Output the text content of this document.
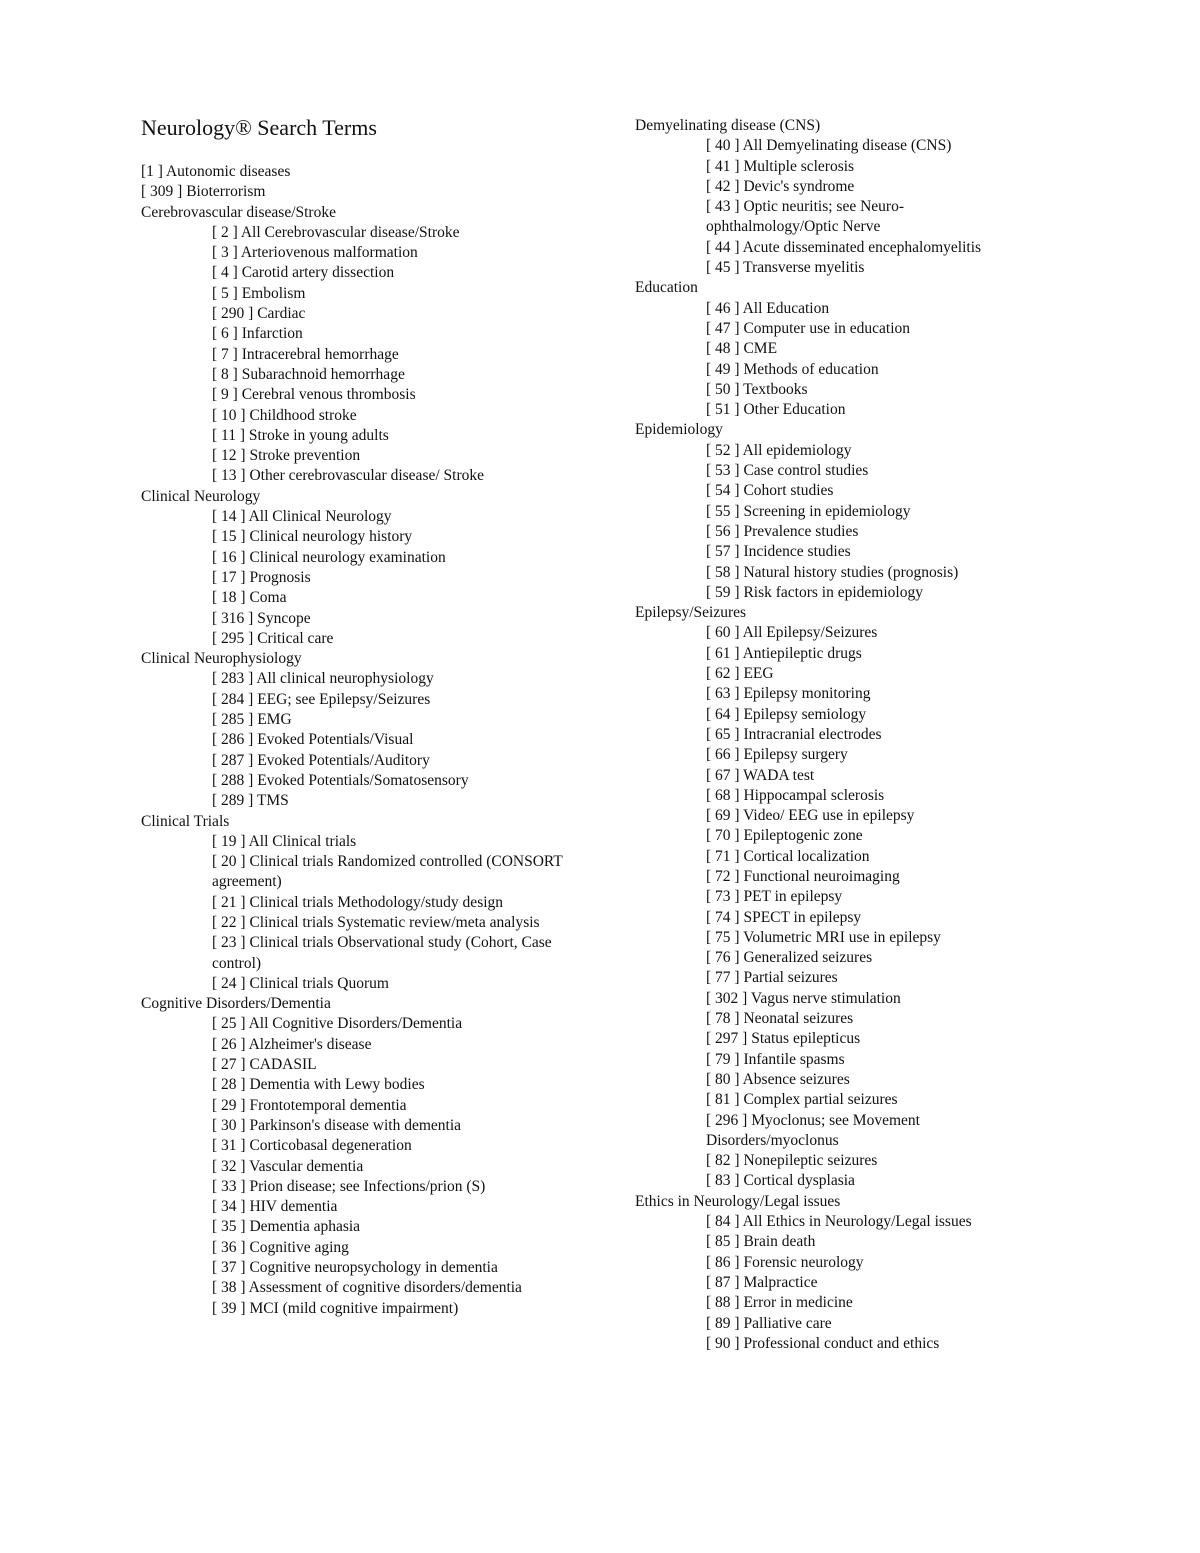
Neurology® Search Terms
[1 ] Autonomic diseases
[ 309 ] Bioterrorism
Cerebrovascular disease/Stroke
[ 2 ] All Cerebrovascular disease/Stroke
[ 3 ] Arteriovenous malformation
[ 4 ] Carotid artery dissection
[ 5 ] Embolism
[ 290 ] Cardiac
[ 6 ] Infarction
[ 7 ] Intracerebral hemorrhage
[ 8 ] Subarachnoid hemorrhage
[ 9 ] Cerebral venous thrombosis
[ 10 ] Childhood stroke
[ 11 ] Stroke in young adults
[ 12 ] Stroke prevention
[ 13 ] Other cerebrovascular disease/ Stroke
Clinical Neurology
[ 14 ] All Clinical Neurology
[ 15 ] Clinical neurology history
[ 16 ] Clinical neurology examination
[ 17 ] Prognosis
[ 18 ] Coma
[ 316 ] Syncope
[ 295 ] Critical care
Clinical Neurophysiology
[ 283 ] All clinical neurophysiology
[ 284 ] EEG; see Epilepsy/Seizures
[ 285 ] EMG
[ 286 ] Evoked Potentials/Visual
[ 287 ] Evoked Potentials/Auditory
[ 288 ] Evoked Potentials/Somatosensory
[ 289 ] TMS
Clinical Trials
[ 19 ] All Clinical trials
[ 20 ] Clinical trials Randomized controlled (CONSORT agreement)
[ 21 ] Clinical trials Methodology/study design
[ 22 ] Clinical trials Systematic review/meta analysis
[ 23 ] Clinical trials Observational study (Cohort, Case control)
[ 24 ] Clinical trials Quorum
Cognitive Disorders/Dementia
[ 25 ] All Cognitive Disorders/Dementia
[ 26 ] Alzheimer's disease
[ 27 ] CADASIL
[ 28 ] Dementia with Lewy bodies
[ 29 ] Frontotemporal dementia
[ 30 ] Parkinson's disease with dementia
[ 31 ] Corticobasal degeneration
[ 32 ] Vascular dementia
[ 33 ] Prion disease; see Infections/prion (S)
[ 34 ] HIV dementia
[ 35 ] Dementia aphasia
[ 36 ] Cognitive aging
[ 37 ] Cognitive neuropsychology in dementia
[ 38 ] Assessment of cognitive disorders/dementia
[ 39 ] MCI (mild cognitive impairment)
Demyelinating disease (CNS)
[ 40 ] All Demyelinating disease (CNS)
[ 41 ] Multiple sclerosis
[ 42 ] Devic's syndrome
[ 43 ] Optic neuritis; see Neuro-ophthalmology/Optic Nerve
[ 44 ] Acute disseminated encephalomyelitis
[ 45 ] Transverse myelitis
Education
[ 46 ] All Education
[ 47 ] Computer use in education
[ 48 ] CME
[ 49 ] Methods of education
[ 50 ] Textbooks
[ 51 ] Other Education
Epidemiology
[ 52 ] All epidemiology
[ 53 ] Case control studies
[ 54 ] Cohort studies
[ 55 ] Screening in epidemiology
[ 56 ] Prevalence studies
[ 57 ] Incidence studies
[ 58 ] Natural history studies (prognosis)
[ 59 ] Risk factors in epidemiology
Epilepsy/Seizures
[ 60 ] All Epilepsy/Seizures
[ 61 ] Antiepileptic drugs
[ 62 ] EEG
[ 63 ] Epilepsy monitoring
[ 64 ] Epilepsy semiology
[ 65 ] Intracranial electrodes
[ 66 ] Epilepsy surgery
[ 67 ] WADA test
[ 68 ] Hippocampal sclerosis
[ 69 ] Video/ EEG use in epilepsy
[ 70 ] Epileptogenic zone
[ 71 ] Cortical localization
[ 72 ] Functional neuroimaging
[ 73 ] PET in epilepsy
[ 74 ] SPECT in epilepsy
[ 75 ] Volumetric MRI use in epilepsy
[ 76 ] Generalized seizures
[ 77 ] Partial seizures
[ 302 ] Vagus nerve stimulation
[ 78 ] Neonatal seizures
[ 297 ] Status epilepticus
[ 79 ] Infantile spasms
[ 80 ] Absence seizures
[ 81 ] Complex partial seizures
[ 296 ] Myoclonus; see Movement Disorders/myoclonus
[ 82 ] Nonepileptic seizures
[ 83 ] Cortical dysplasia
Ethics in Neurology/Legal issues
[ 84 ] All Ethics in Neurology/Legal issues
[ 85 ] Brain death
[ 86 ] Forensic neurology
[ 87 ] Malpractice
[ 88 ] Error in medicine
[ 89 ] Palliative care
[ 90 ] Professional conduct and ethics
